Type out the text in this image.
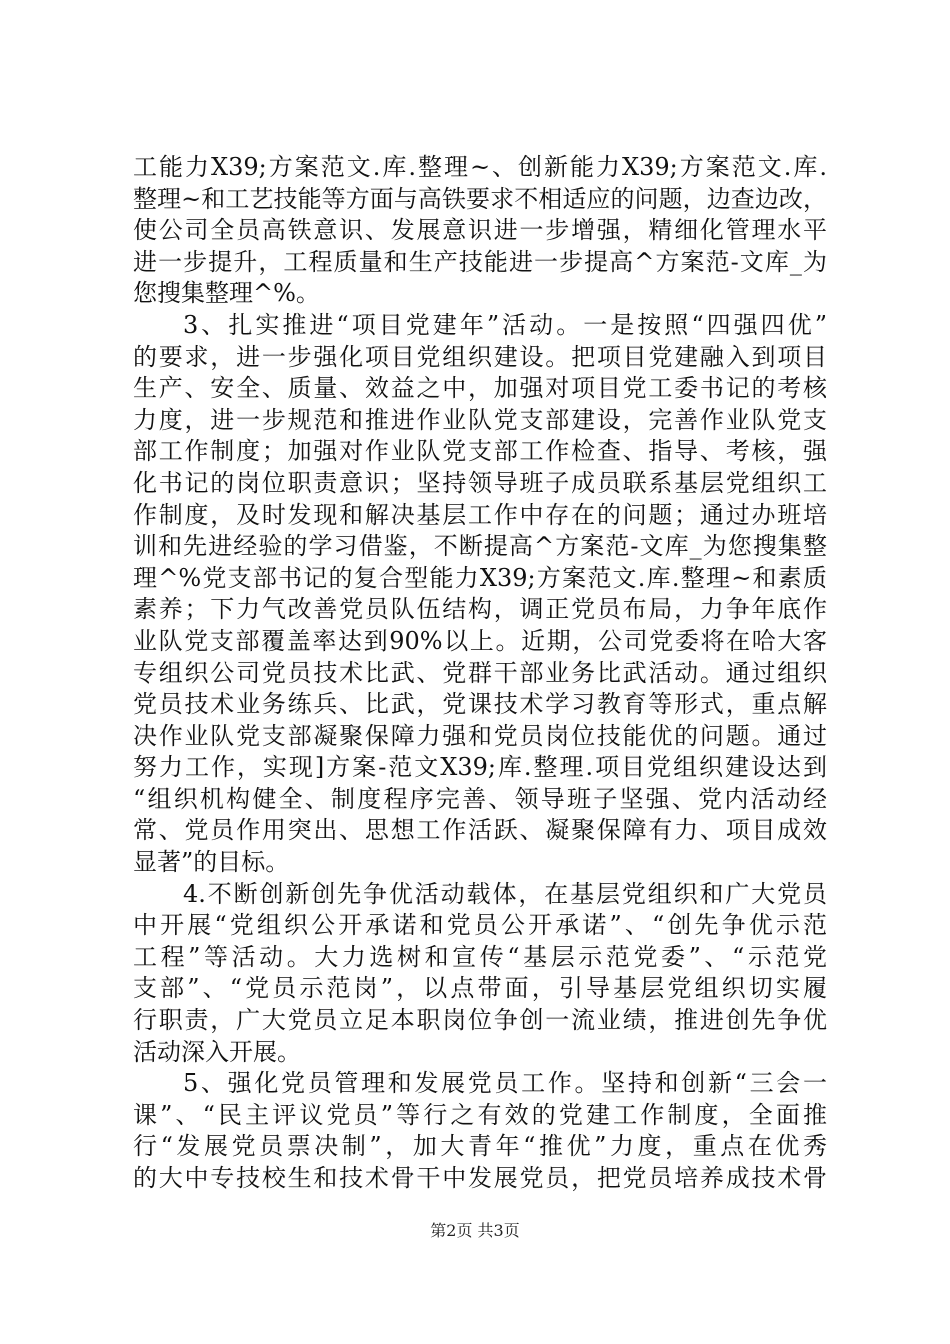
工能力X39;方案范文.库.整理~、创新能力X39;方案范文.库.
整理~和工艺技能等方面与高铁要求不相适应的问题，边查边改，
使公司全员高铁意识、发展意识进一步增强，精细化管理水平
进一步提升，工程质量和生产技能进一步提高^方案范-文库_为
您搜集整理^%。
3、扎实推进“项目党建年”活动。一是按照“四强四优”
的要求，进一步强化项目党组织建设。把项目党建融入到项目
生产、安全、质量、效益之中，加强对项目党工委书记的考核
力度，进一步规范和推进作业队党支部建设，完善作业队党支
部工作制度；加强对作业队党支部工作检查、指导、考核，强
化书记的岗位职责意识；坚持领导班子成员联系基层党组织工
作制度，及时发现和解决基层工作中存在的问题；通过办班培
训和先进经验的学习借鉴，不断提高^方案范-文库_为您搜集整
理^%党支部书记的复合型能力X39;方案范文.库.整理~和素质
素养；下力气改善党员队伍结构，调正党员布局，力争年底作
业队党支部覆盖率达到90%以上。近期，公司党委将在哈大客
专组织公司党员技术比武、党群干部业务比武活动。通过组织
党员技术业务练兵、比武，党课技术学习教育等形式，重点解
决作业队党支部凝聚保障力强和党员岗位技能优的问题。通过
努力工作，实现]方案-范文X39;库.整理.项目党组织建设达到
“组织机构健全、制度程序完善、领导班子坚强、党内活动经
常、党员作用突出、思想工作活跃、凝聚保障有力、项目成效
显著”的目标。
4.不断创新创先争优活动载体，在基层党组织和广大党员
中开展“党组织公开承诺和党员公开承诺”、“创先争优示范
工程”等活动。大力选树和宣传“基层示范党委”、“示范党
支部”、“党员示范岗”，以点带面，引导基层党组织切实履
行职责，广大党员立足本职岗位争创一流业绩，推进创先争优
活动深入开展。
5、强化党员管理和发展党员工作。坚持和创新“三会一
课”、“民主评议党员”等行之有效的党建工作制度，全面推
行“发展党员票决制”，加大青年“推优”力度，重点在优秀
的大中专技校生和技术骨干中发展党员，把党员培养成技术骨
第2页 共3页
